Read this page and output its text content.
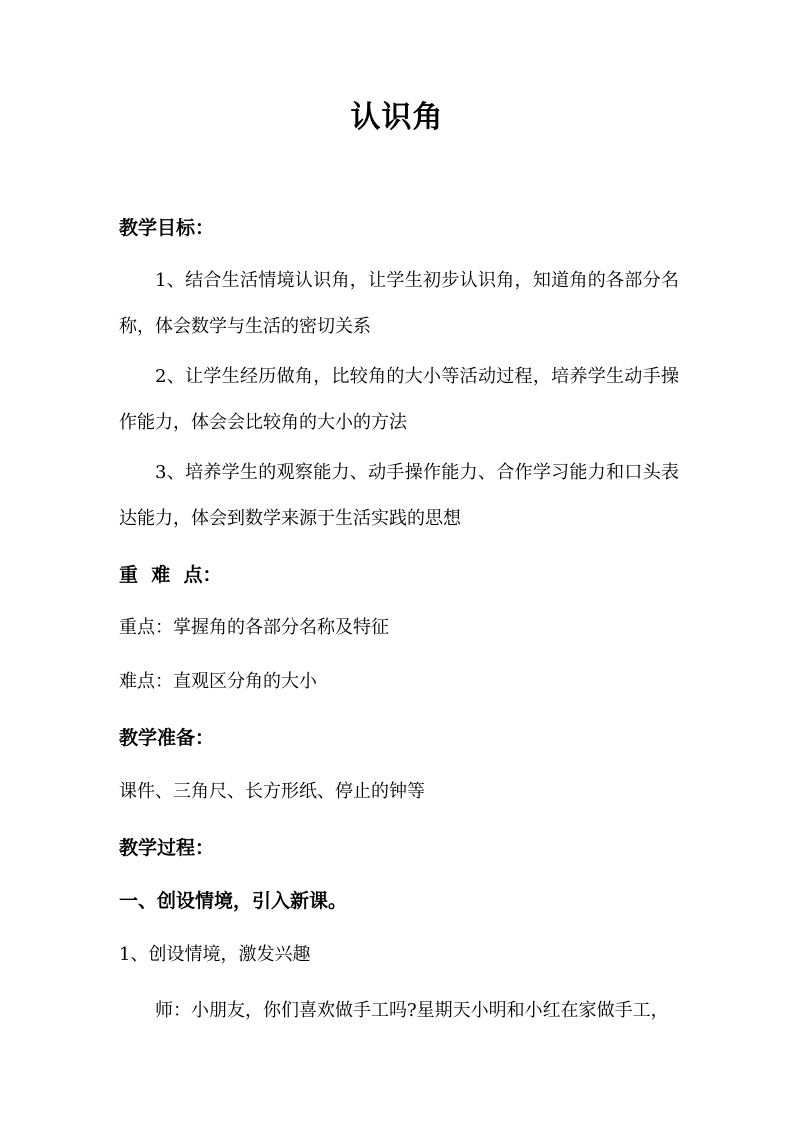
认识角
教学目标：
1、结合生活情境认识角，让学生初步认识角，知道角的各部分名称，体会数学与生活的密切关系
2、让学生经历做角，比较角的大小等活动过程，培养学生动手操作能力，体会会比较角的大小的方法
3、培养学生的观察能力、动手操作能力、合作学习能力和口头表达能力，体会到数学来源于生活实践的思想
重  难  点：
重点：掌握角的各部分名称及特征
难点：直观区分角的大小
教学准备：
课件、三角尺、长方形纸、停止的钟等
教学过程：
一、创设情境，引入新课。
1、创设情境，激发兴趣
师：小朋友，你们喜欢做手工吗?星期天小明和小红在家做手工，
